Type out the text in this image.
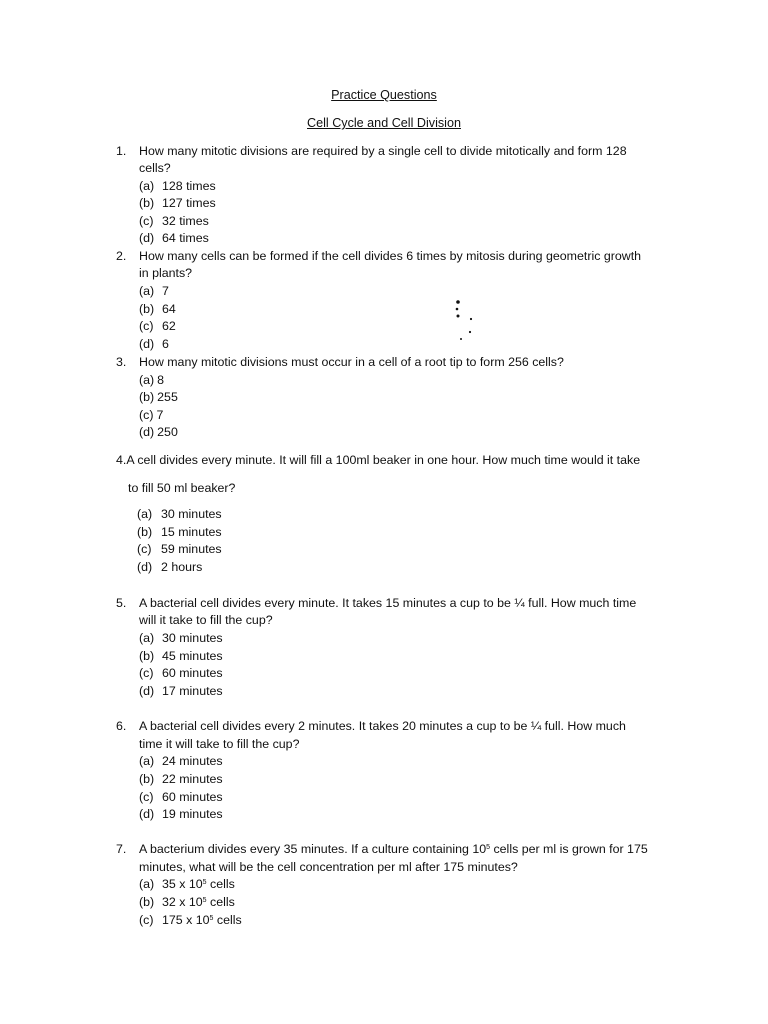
Practice Questions
Cell Cycle and Cell Division
1. How many mitotic divisions are required by a single cell to divide mitotically and form 128
cells?
(a) 128 times
(b) 127 times
(c) 32 times
(d) 64 times
2. How many cells can be formed if the cell divides 6 times by mitosis during geometric growth
in plants?
(a) 7
(b) 64
(c) 62
(d) 6
3. How many mitotic divisions must occur in a cell of a root tip to form 256 cells?
(a) 8
(b) 255
(c) 7
(d) 250
4.A cell divides every minute. It will fill a 100ml beaker in one hour. How much time would it take
to fill 50 ml beaker?
(a) 30 minutes
(b) 15 minutes
(c) 59 minutes
(d) 2 hours
5. A bacterial cell divides every minute. It takes 15 minutes a cup to be ¼ full. How much time
will it take to fill the cup?
(a) 30 minutes
(b) 45 minutes
(c) 60 minutes
(d) 17 minutes
6. A bacterial cell divides every 2 minutes. It takes 20 minutes a cup to be ¼ full. How much
time it will take to fill the cup?
(a) 24 minutes
(b) 22 minutes
(c) 60 minutes
(d) 19 minutes
7. A bacterium divides every 35 minutes. If a culture containing $10^5$ cells per ml is grown for 175
minutes, what will be the cell concentration per ml after 175 minutes?
(a) 35 x $10^5$ cells
(b) 32 x $10^5$ cells
(c) 175 x $10^5$ cells
